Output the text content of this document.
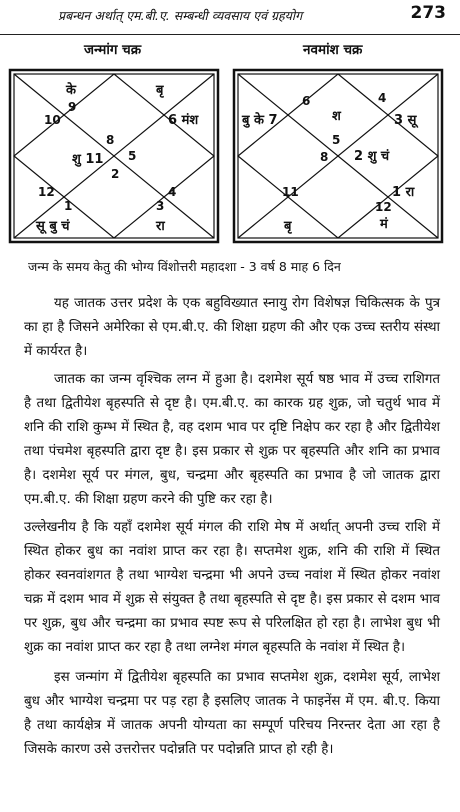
प्रबन्धन अर्थात् एम.बी.ए. सम्बन्धी व्यवसाय एवं ग्रहयोग	273
जन्मांग चक्र	नवमांश चक्र
के	बृ
9
10	6 मंश
8
शु 11 5
2
12	4
1	3
सू बु चं	रा
बु के 7	श	3 सू
6
5
8
4
2 शु चं
1 रा
11
12
बृ	मं
जन्म के समय केतु की भोग्य विंशोत्तरी महादशा - 3 वर्ष 8 माह 6 दिन

यह जातक उत्तर प्रदेश के एक बहुविख्यात स्नायु रोग विशेषज्ञ चिकित्सक के पुत्र का हा है जिसने अमेरिका से एम.बी.ए. की शिक्षा ग्रहण की और एक उच्च स्तरीय संस्था में कार्यरत है।

जातक का जन्म वृश्चिक लग्न में हुआ है। दशमेश सूर्य षष्ठ भाव में उच्च राशिगत है तथा द्वितीयेश बृहस्पति से दृष्ट है। एम.बी.ए. का कारक ग्रह शुक्र, जो चतुर्थ भाव में शनि की राशि कुम्भ में स्थित है, वह दशम भाव पर दृष्टि निक्षेप कर रहा है और द्वितीयेश तथा पंचमेश बृहस्पति द्वारा दृष्ट है। इस प्रकार से शुक्र पर बृहस्पति और शनि का प्रभाव है। दशमेश सूर्य पर मंगल, बुध, चन्द्रमा और बृहस्पति का प्रभाव है जो जातक द्वारा एम.बी.ए. की शिक्षा ग्रहण करने की पुष्टि कर रहा है।

उल्लेखनीय है कि यहाँ दशमेश सूर्य मंगल की राशि मेष में अर्थात् अपनी उच्च राशि में स्थित होकर बुध का नवांश प्राप्त कर रहा है। सप्तमेश शुक्र, शनि की राशि में स्थित होकर स्वनवांशगत है तथा भाग्येश चन्द्रमा भी अपने उच्च नवांश में स्थित होकर नवांश चक्र में दशम भाव में शुक्र से संयुक्त है तथा बृहस्पति से दृष्ट है। इस प्रकार से दशम भाव पर शुक्र, बुध और चन्द्रमा का प्रभाव स्पष्ट रूप से परिलक्षित हो रहा है। लाभेश बुध भी शुक्र का नवांश प्राप्त कर रहा है तथा लग्नेश मंगल बृहस्पति के नवांश में स्थित है।

इस जन्मांग में द्वितीयेश बृहस्पति का प्रभाव सप्तमेश शुक्र, दशमेश सूर्य, लाभेश बुध और भाग्येश चन्द्रमा पर पड़ रहा है इसलिए जातक ने फाइनेंस में एम. बी.ए. किया है तथा कार्यक्षेत्र में जातक अपनी योग्यता का सम्पूर्ण परिचय निरन्तर देता आ रहा है जिसके कारण उसे उत्तरोत्तर पदोन्नति पर पदोन्नति प्राप्त हो रही है।
